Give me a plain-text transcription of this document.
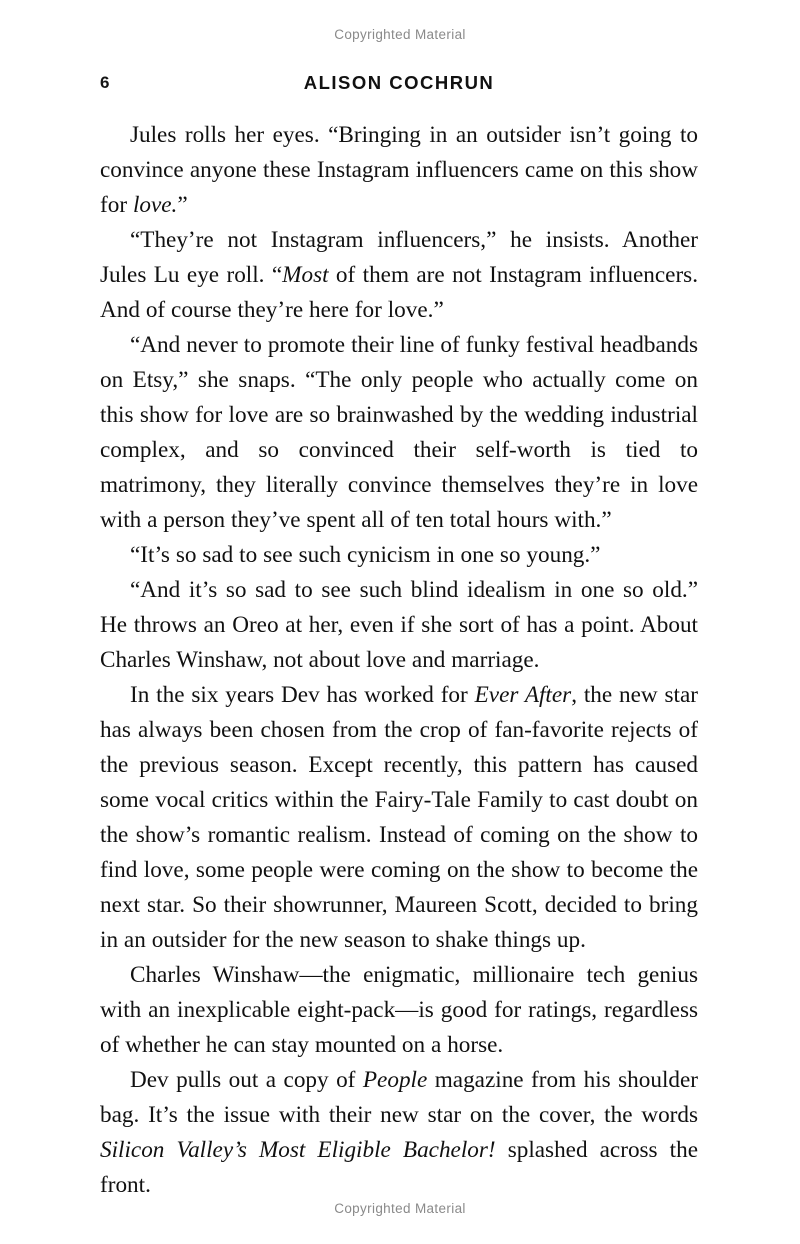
Copyrighted Material
6	ALISON COCHRUN

Jules rolls her eyes. “Bringing in an outsider isn’t going to convince anyone these Instagram influencers came on this show for love.”

“They’re not Instagram influencers,” he insists. Another Jules Lu eye roll. “Most of them are not Instagram influencers. And of course they’re here for love.”

“And never to promote their line of funky festival headbands on Etsy,” she snaps. “The only people who actually come on this show for love are so brainwashed by the wedding industrial complex, and so convinced their self-worth is tied to matrimony, they literally convince themselves they’re in love with a person they’ve spent all of ten total hours with.”

“It’s so sad to see such cynicism in one so young.”

“And it’s so sad to see such blind idealism in one so old.” He throws an Oreo at her, even if she sort of has a point. About Charles Winshaw, not about love and marriage.

In the six years Dev has worked for Ever After, the new star has always been chosen from the crop of fan-favorite rejects of the previous season. Except recently, this pattern has caused some vocal critics within the Fairy-Tale Family to cast doubt on the show’s romantic realism. Instead of coming on the show to find love, some people were coming on the show to become the next star. So their showrunner, Maureen Scott, decided to bring in an outsider for the new season to shake things up.

Charles Winshaw—the enigmatic, millionaire tech genius with an inexplicable eight-pack—is good for ratings, regardless of whether he can stay mounted on a horse.

Dev pulls out a copy of People magazine from his shoulder bag. It’s the issue with their new star on the cover, the words Silicon Valley’s Most Eligible Bachelor! splashed across the front.

Copyrighted Material
